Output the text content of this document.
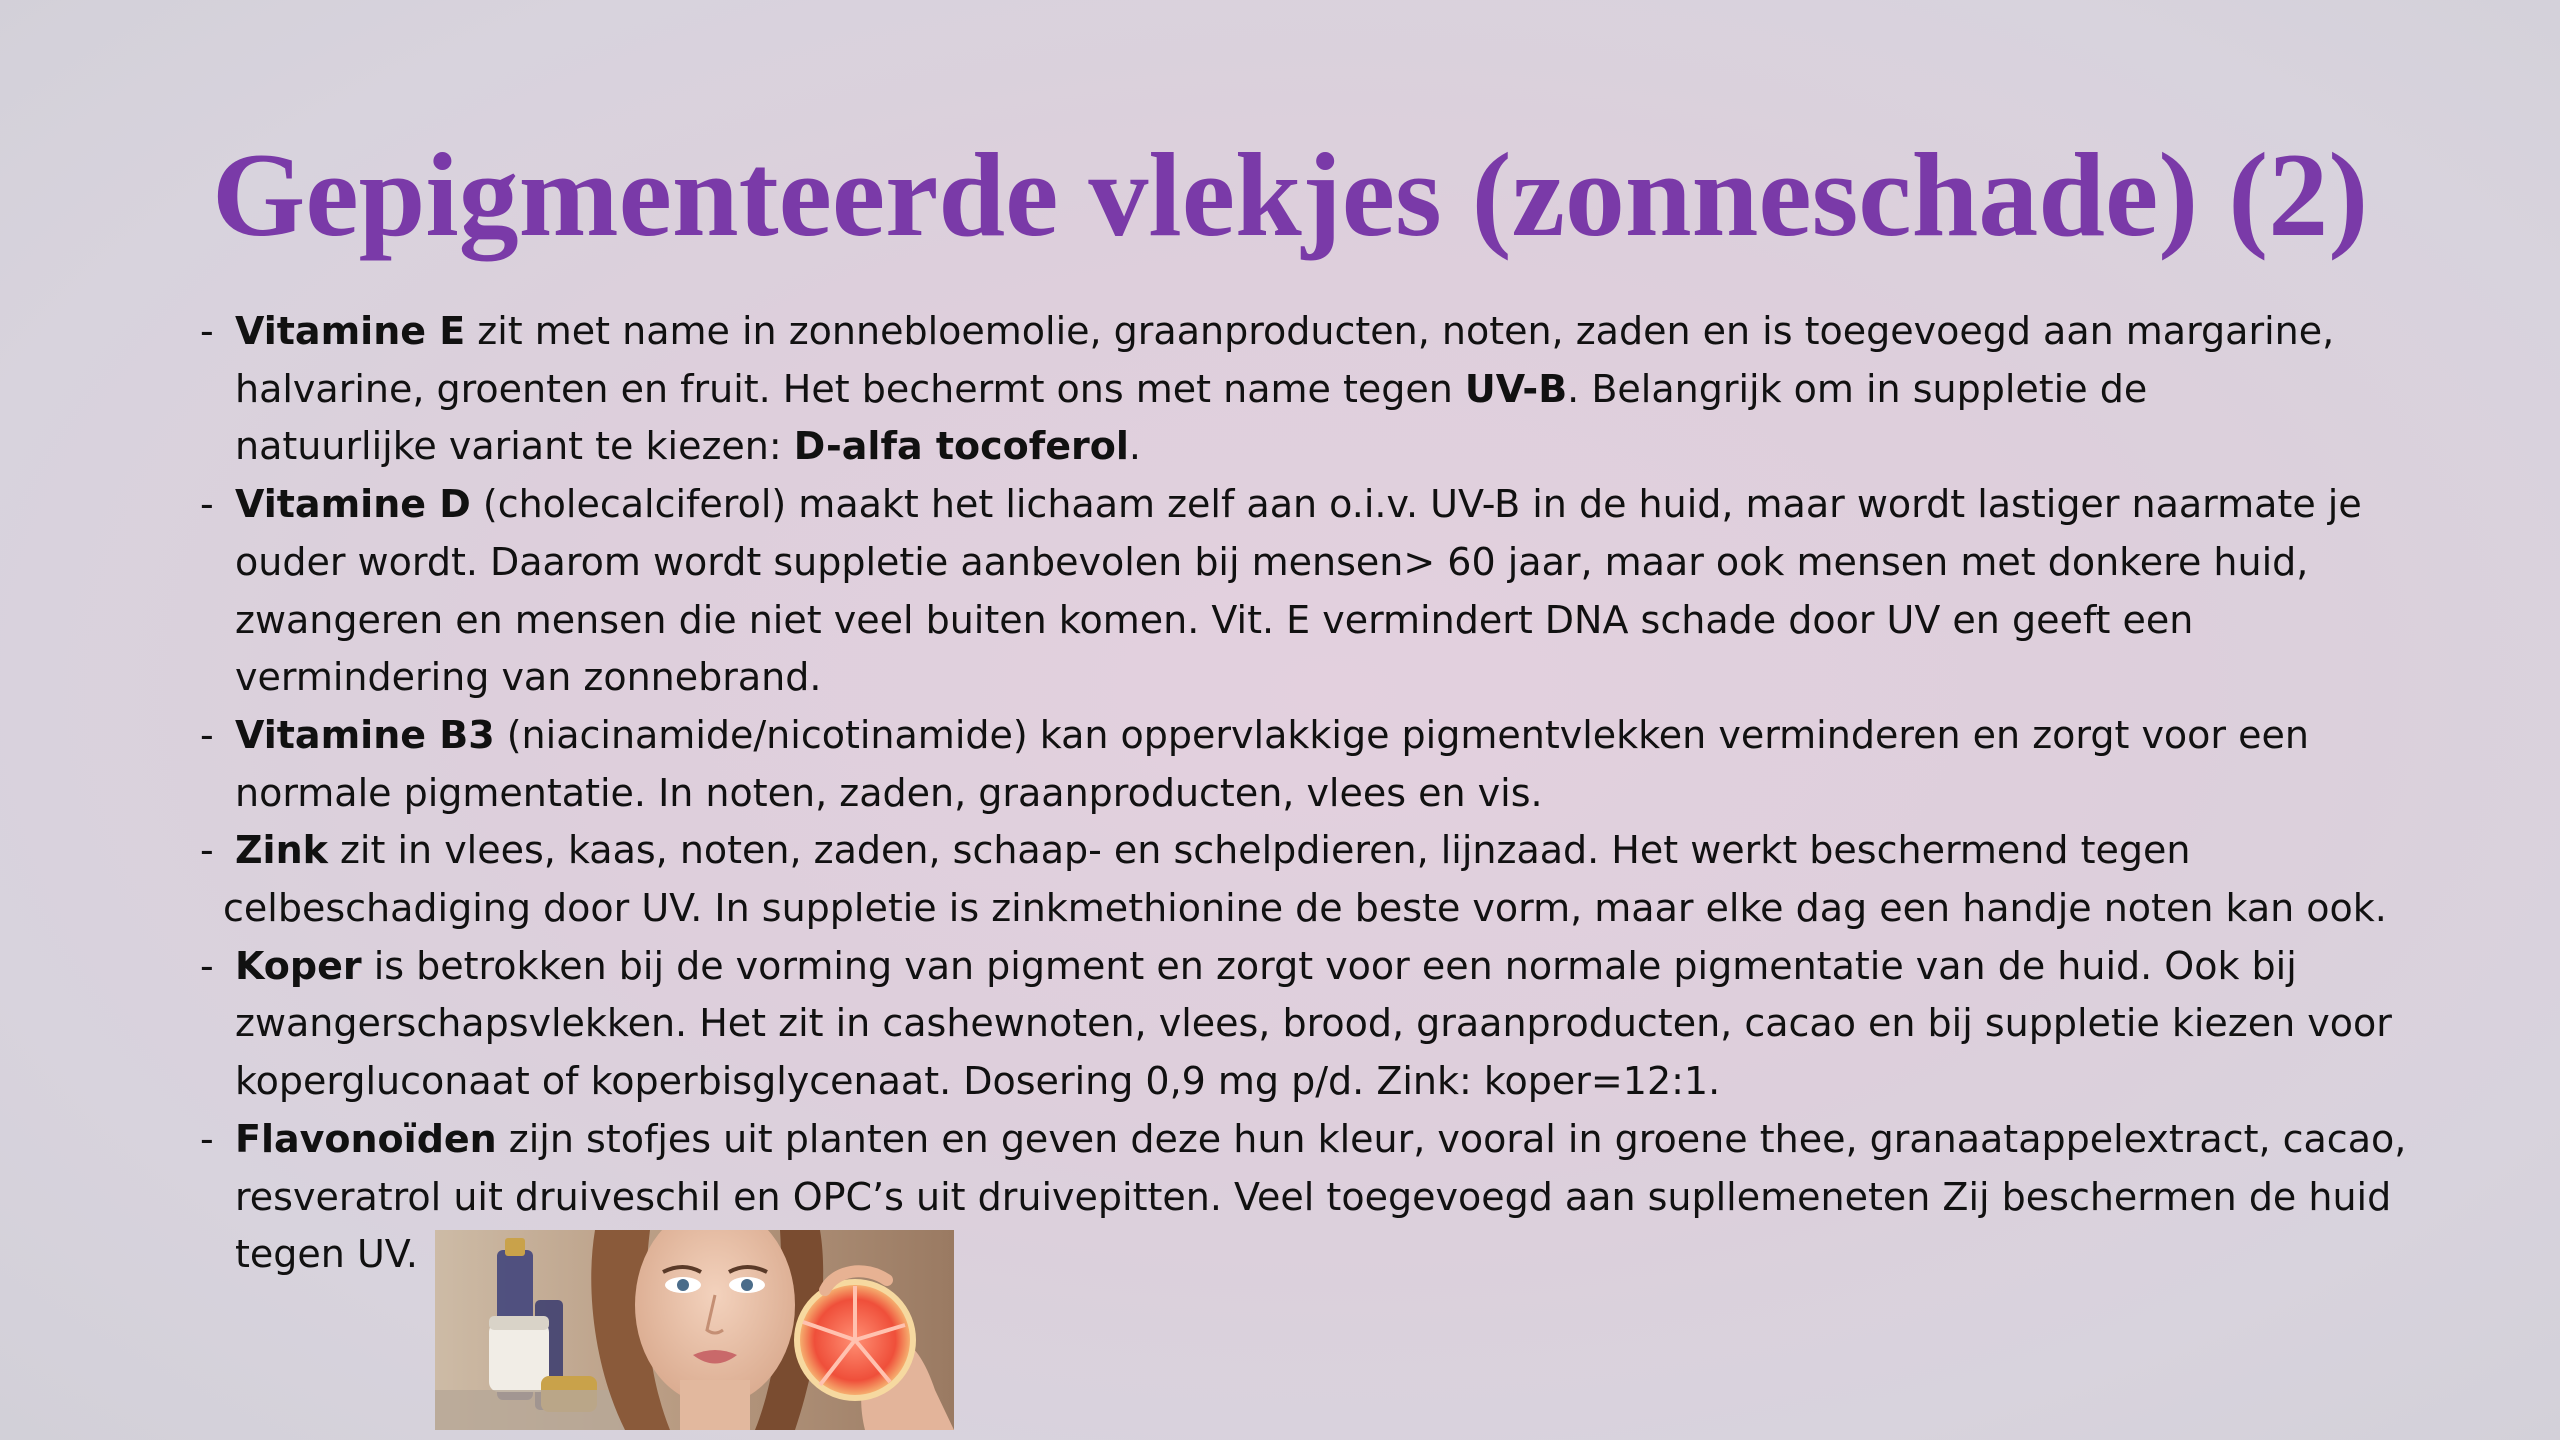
Gepigmenteerde vlekjes (zonneschade) (2)
- Vitamine E zit met name in zonnebloemolie, graanproducten, noten, zaden en is toegevoegd aan margarine,
halvarine, groenten en fruit. Het bechermt ons met name tegen UV-B. Belangrijk om in suppletie de
natuurlijke variant te kiezen: D-alfa tocoferol.
- Vitamine D (cholecalciferol) maakt het lichaam zelf aan o.i.v. UV-B in de huid, maar wordt lastiger naarmate je
ouder wordt. Daarom wordt suppletie aanbevolen bij mensen> 60 jaar, maar ook mensen met donkere huid,
zwangeren en mensen die niet veel buiten komen. Vit. E vermindert DNA schade door UV en geeft een
vermindering van zonnebrand.
- Vitamine B3 (niacinamide/nicotinamide) kan oppervlakkige pigmentvlekken verminderen en zorgt voor een
normale pigmentatie. In noten, zaden, graanproducten, vlees en vis.
- Zink zit in vlees, kaas, noten, zaden, schaap- en schelpdieren, lijnzaad. Het werkt beschermend tegen
celbeschadiging door UV. In suppletie is zinkmethionine de beste vorm, maar elke dag een handje noten kan ook.
- Koper is betrokken bij de vorming van pigment en zorgt voor een normale pigmentatie van de huid. Ook bij
zwangerschapsvlekken. Het zit in cashewnoten, vlees, brood, graanproducten, cacao en bij suppletie kiezen voor
kopergluconaat of koperbisglycenaat. Dosering 0,9 mg p/d. Zink: koper=12:1.
- Flavonoïden zijn stofjes uit planten en geven deze hun kleur, vooral in groene thee, granaatappelextract, cacao,
resveratrol uit druiveschil en OPC’s uit druivepitten. Veel toegevoegd aan supllemeneten Zij beschermen de huid
tegen UV.
